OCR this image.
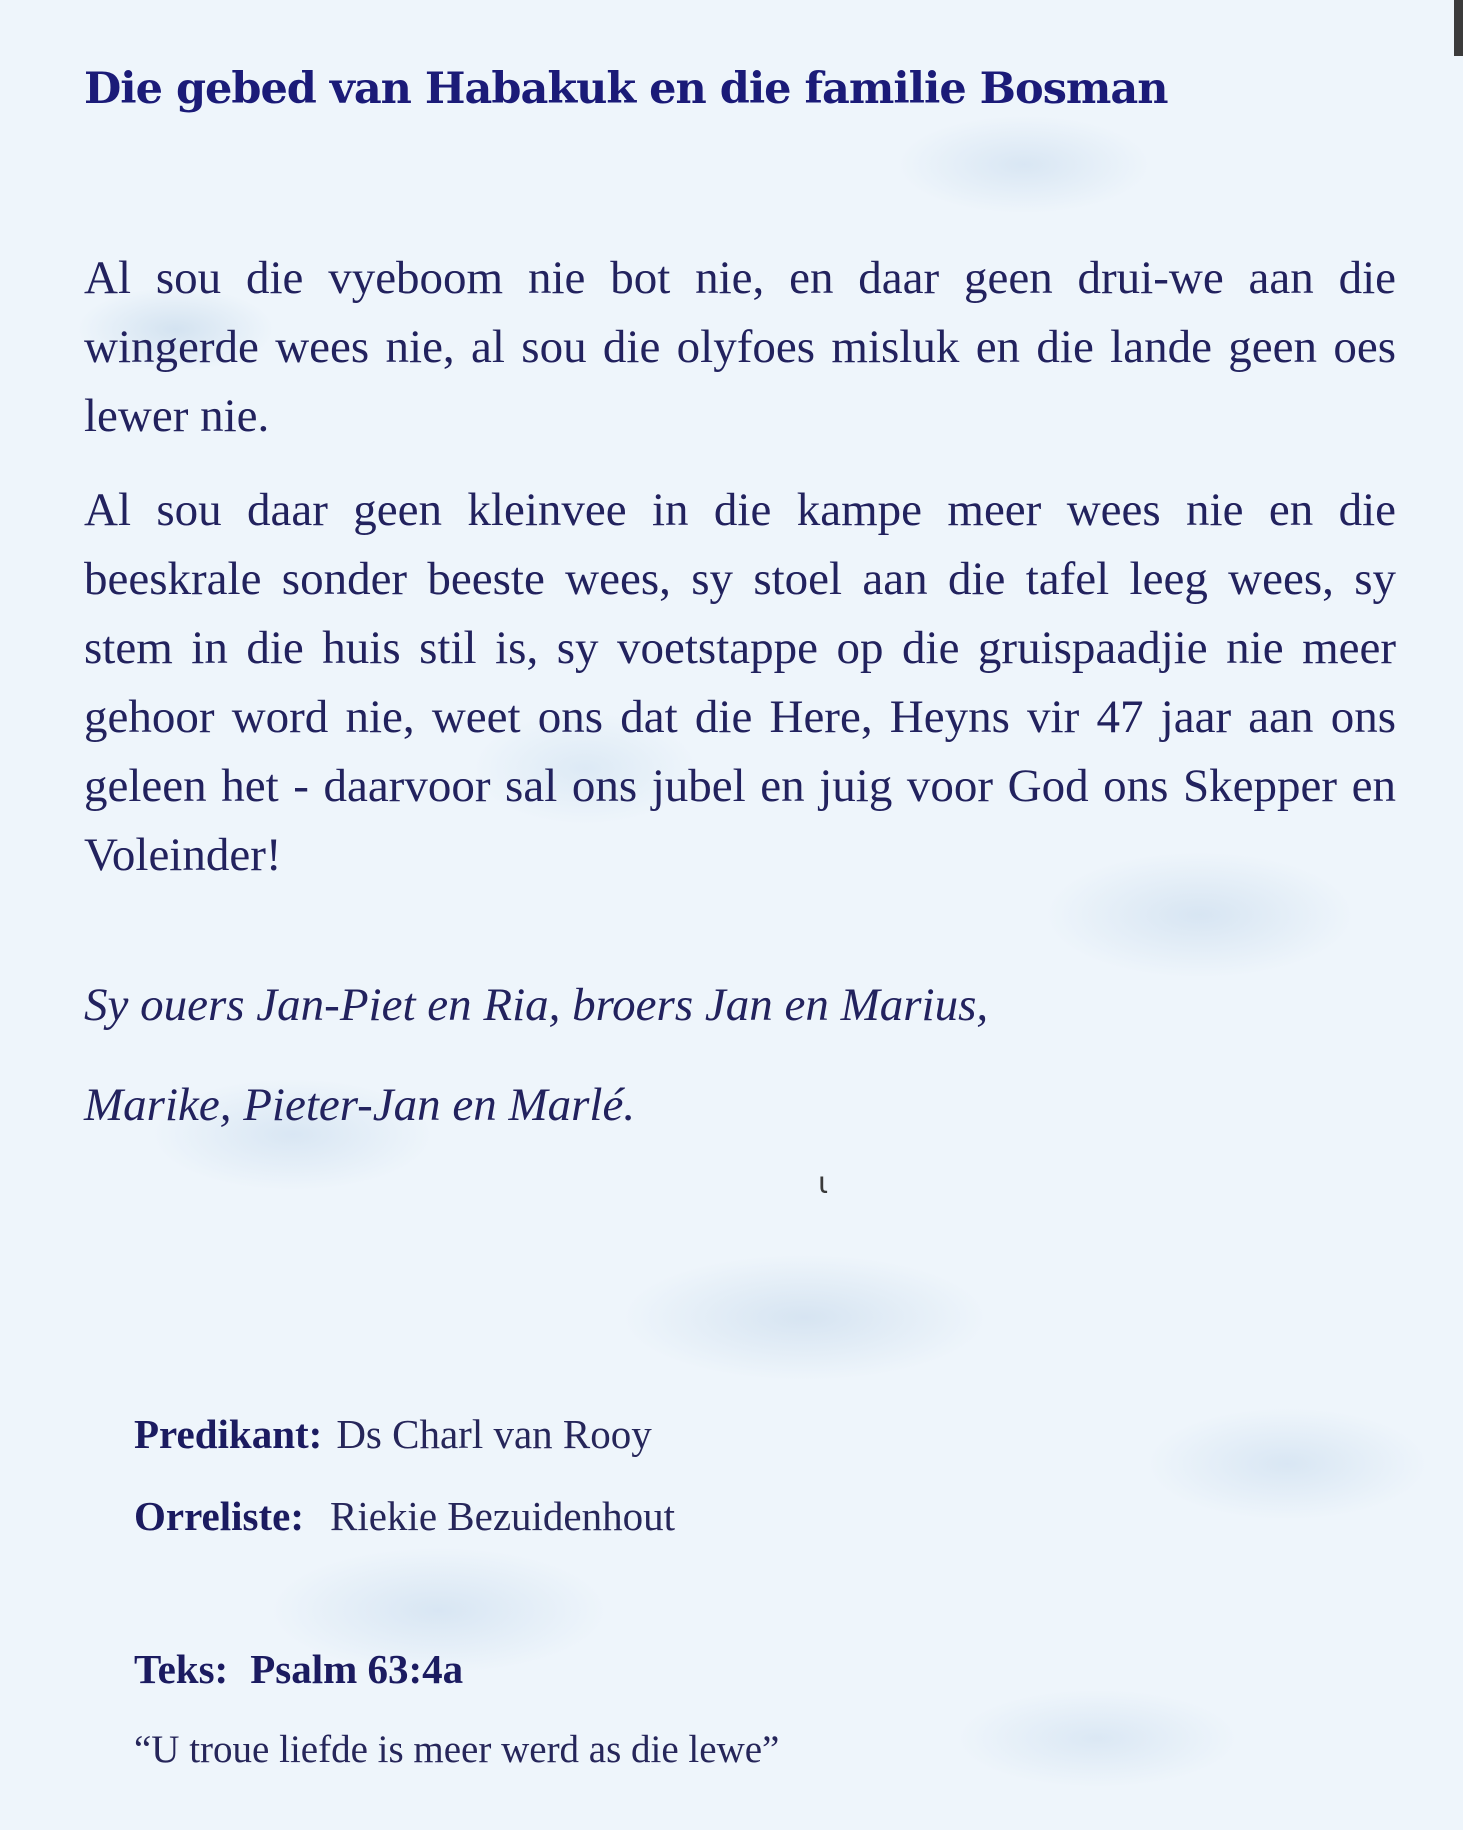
Die gebed van Habakuk en die familie Bosman

Al sou die vyeboom nie bot nie, en daar geen drui-we aan die wingerde wees nie, al sou die olyfoes misluk en die lande geen oes lewer nie.

Al sou daar geen kleinvee in die kampe meer wees nie en die beeskrale sonder beeste wees, sy stoel aan die tafel leeg wees, sy stem in die huis stil is, sy voetstappe op die gruispaadjie nie meer gehoor word nie, weet ons dat die Here, Heyns vir 47 jaar aan ons geleen het - daarvoor sal ons jubel en juig voor God ons Skepper en Voleinder!

Sy ouers Jan-Piet en Ria, broers Jan en Marius,

Marike, Pieter-Jan en Marlé.

ɩ

Predikant: Ds Charl van Rooy

Orreliste: Riekie Bezuidenhout

Teks: Psalm 63:4a

“U troue liefde is meer werd as die lewe”
